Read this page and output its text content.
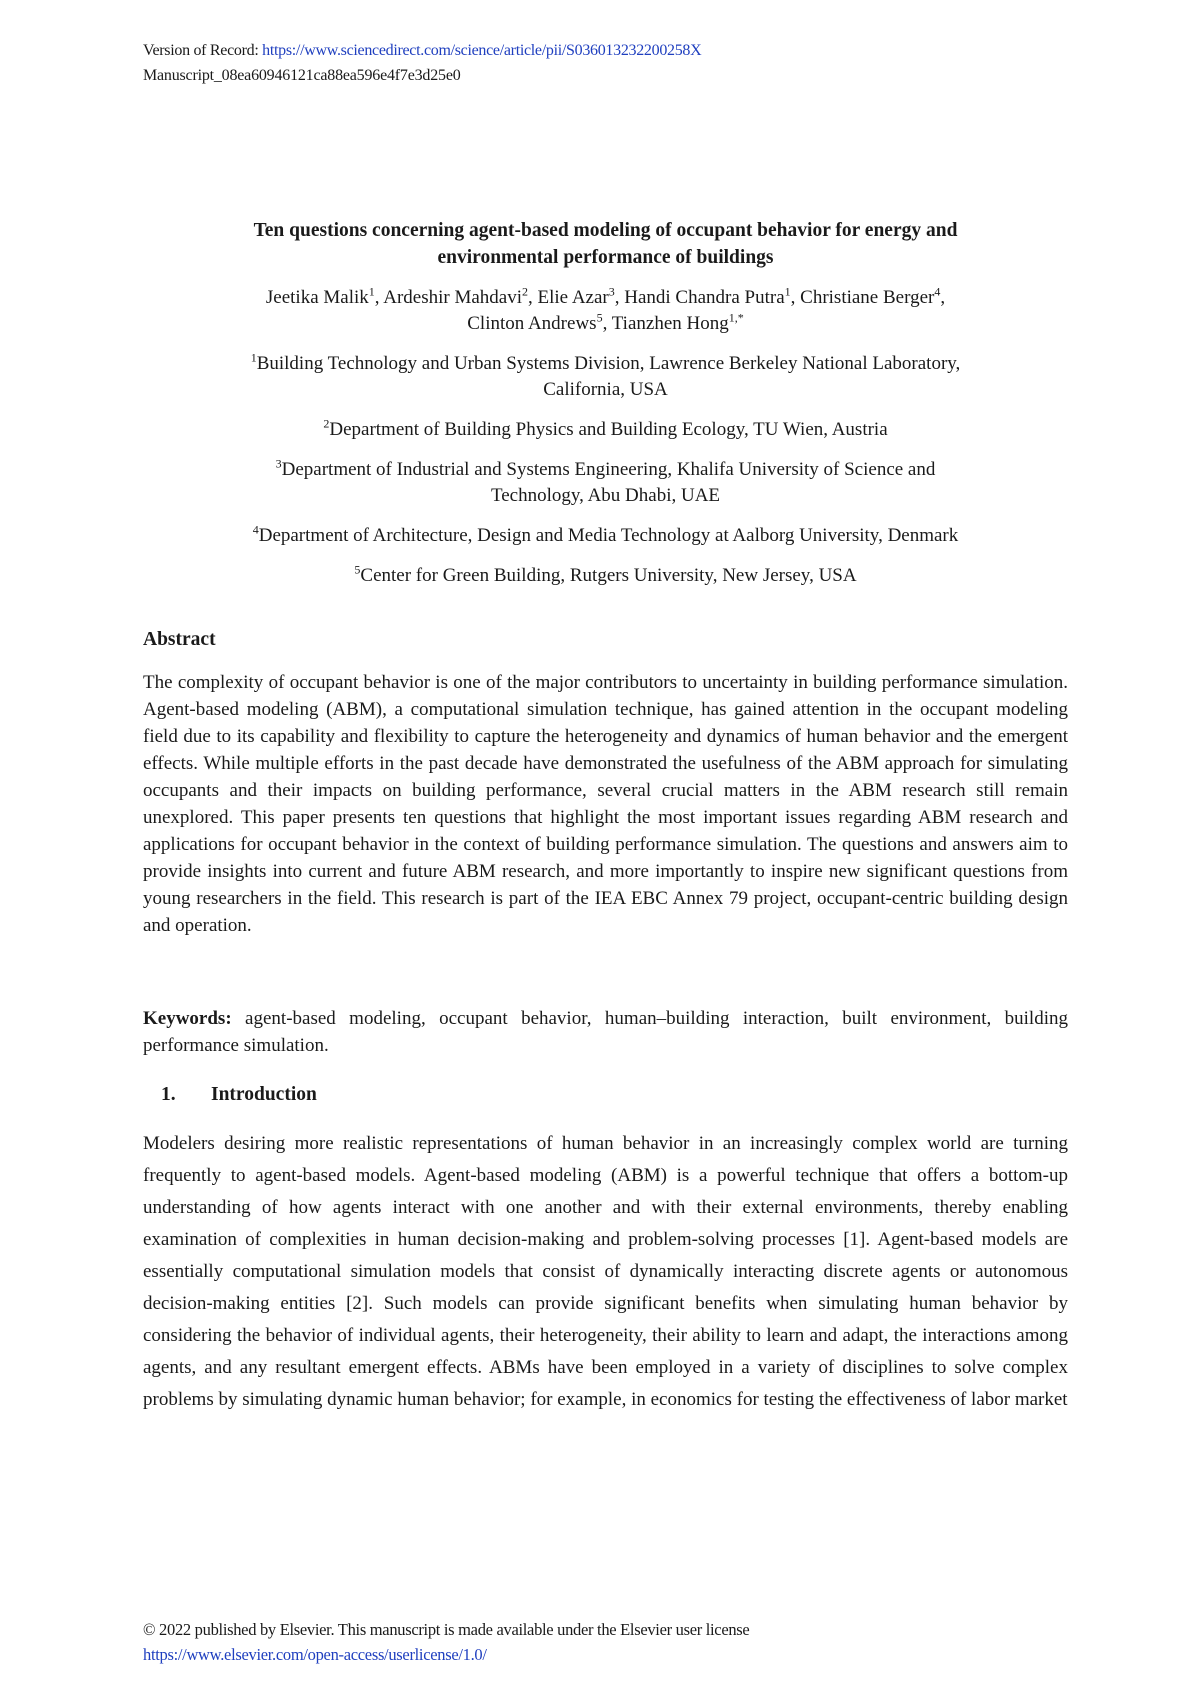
Version of Record: https://www.sciencedirect.com/science/article/pii/S036013232200258X
Manuscript_08ea60946121ca88ea596e4f7e3d25e0
Ten questions concerning agent-based modeling of occupant behavior for energy and
environmental performance of buildings
Jeetika Malik$^1$, Ardeshir Mahdavi$^2$, Elie Azar$^3$, Handi Chandra Putra$^1$, Christiane Berger$^4$,
Clinton Andrews$^5$, Tianzhen Hong$^{1,*}$
$^1$Building Technology and Urban Systems Division, Lawrence Berkeley National Laboratory,
California, USA
$^2$Department of Building Physics and Building Ecology, TU Wien, Austria
$^3$Department of Industrial and Systems Engineering, Khalifa University of Science and
Technology, Abu Dhabi, UAE
$^4$Department of Architecture, Design and Media Technology at Aalborg University, Denmark
$^5$Center for Green Building, Rutgers University, New Jersey, USA
Abstract
The complexity of occupant behavior is one of the major contributors to uncertainty in building performance simulation. Agent-based modeling (ABM), a computational simulation technique, has gained attention in the occupant modeling field due to its capability and flexibility to capture the heterogeneity and dynamics of human behavior and the emergent effects. While multiple efforts in the past decade have demonstrated the usefulness of the ABM approach for simulating occupants and their impacts on building performance, several crucial matters in the ABM research still remain unexplored. This paper presents ten questions that highlight the most important issues regarding ABM research and applications for occupant behavior in the context of building performance simulation. The questions and answers aim to provide insights into current and future ABM research, and more importantly to inspire new significant questions from young researchers in the field. This research is part of the IEA EBC Annex 79 project, occupant-centric building design and operation.
Keywords: agent-based modeling, occupant behavior, human–building interaction, built environment, building performance simulation.
1. Introduction
Modelers desiring more realistic representations of human behavior in an increasingly complex world are turning frequently to agent-based models. Agent-based modeling (ABM) is a powerful technique that offers a bottom-up understanding of how agents interact with one another and with their external environments, thereby enabling examination of complexities in human decision-making and problem-solving processes [1]. Agent-based models are essentially computational simulation models that consist of dynamically interacting discrete agents or autonomous decision-making entities [2]. Such models can provide significant benefits when simulating human behavior by considering the behavior of individual agents, their heterogeneity, their ability to learn and adapt, the interactions among agents, and any resultant emergent effects. ABMs have been employed in a variety of disciplines to solve complex problems by simulating dynamic human behavior; for example, in economics for testing the effectiveness of labor market
© 2022 published by Elsevier. This manuscript is made available under the Elsevier user license
https://www.elsevier.com/open-access/userlicense/1.0/
